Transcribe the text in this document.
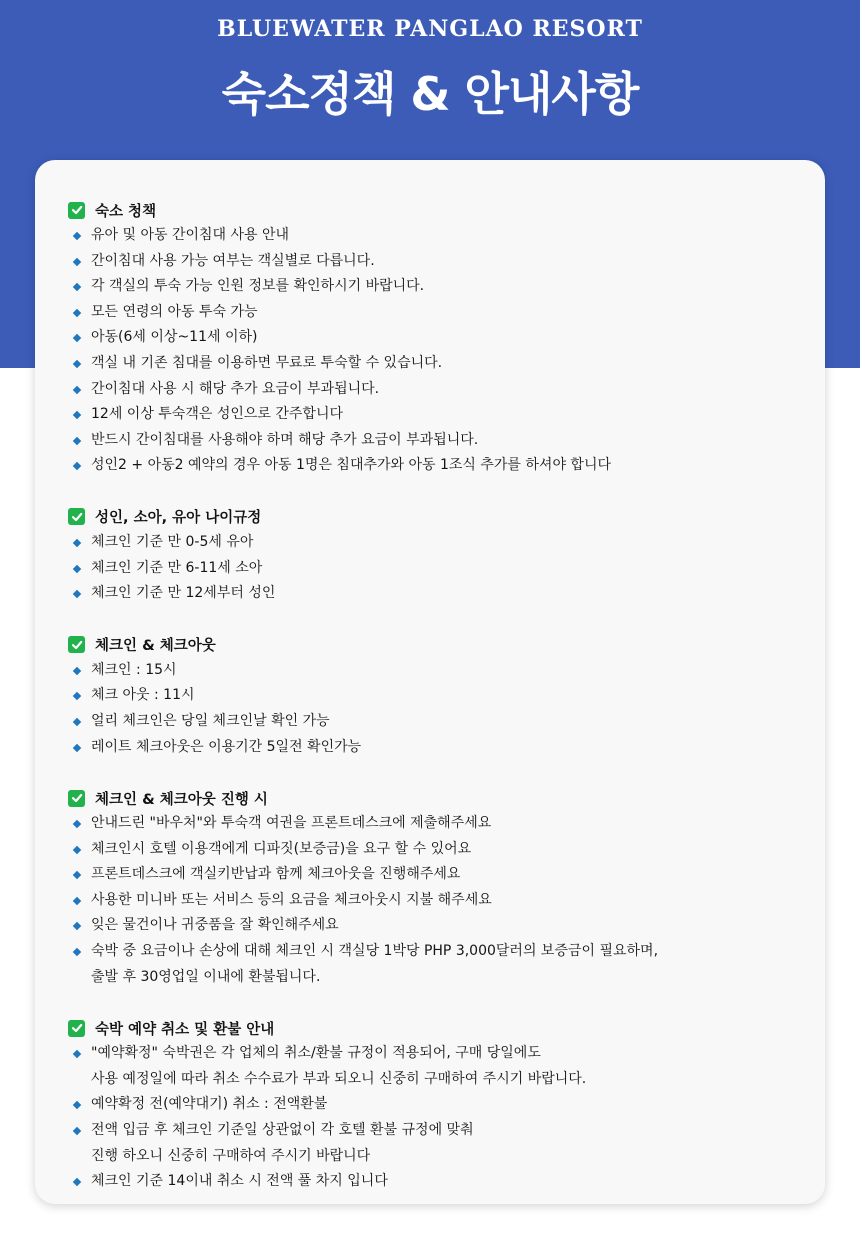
BLUEWATER PANGLAO RESORT
숙소정책 & 안내사항
숙소 청책
유아 및 아동 간이침대 사용 안내
간이침대 사용 가능 여부는 객실별로 다릅니다.
각 객실의 투숙 가능 인원 정보를 확인하시기 바랍니다.
모든 연령의 아동 투숙 가능
아동(6세 이상~11세 이하)
객실 내 기존 침대를 이용하면 무료로 투숙할 수 있습니다.
간이침대 사용 시 해당 추가 요금이 부과됩니다.
12세 이상 투숙객은 성인으로 간주합니다
반드시 간이침대를 사용해야 하며 해당 추가 요금이 부과됩니다.
성인2 + 아동2 예약의 경우 아동 1명은 침대추가와 아동 1조식 추가를 하셔야 합니다
성인, 소아, 유아 나이규정
체크인 기준 만 0-5세 유아
체크인 기준 만 6-11세 소아
체크인 기준 만 12세부터 성인
체크인 & 체크아웃
체크인 : 15시
체크 아웃 : 11시
얼리 체크인은 당일 체크인날 확인 가능
레이트 체크아웃은 이용기간 5일전 확인가능
체크인 & 체크아웃 진행 시
안내드린 "바우처"와 투숙객 여권을 프론트데스크에 제출해주세요
체크인시 호텔 이용객에게 디파짓(보증금)을 요구 할 수 있어요
프론트데스크에 객실키반납과 함께 체크아웃을 진행해주세요
사용한 미니바 또는 서비스 등의 요금을 체크아웃시 지불 해주세요
잊은 물건이나 귀중품을 잘 확인해주세요
숙박 중 요금이나 손상에 대해 체크인 시 객실당 1박당 PHP 3,000달러의 보증금이 필요하며,
출발 후 30영업일 이내에 환불됩니다.
숙박 예약 취소 및 환불 안내
"예약확정" 숙박권은 각 업체의 취소/환불 규정이 적용되어, 구매 당일에도
사용 예정일에 따라 취소 수수료가 부과 되오니 신중히 구매하여 주시기 바랍니다.
예약확정 전(예약대기) 취소 : 전액환불
전액 입금 후 체크인 기준일 상관없이 각 호텔 환불 규정에 맞춰
진행 하오니 신중히 구매하여 주시기 바랍니다
체크인 기준 14이내 취소 시 전액 풀 차지 입니다
